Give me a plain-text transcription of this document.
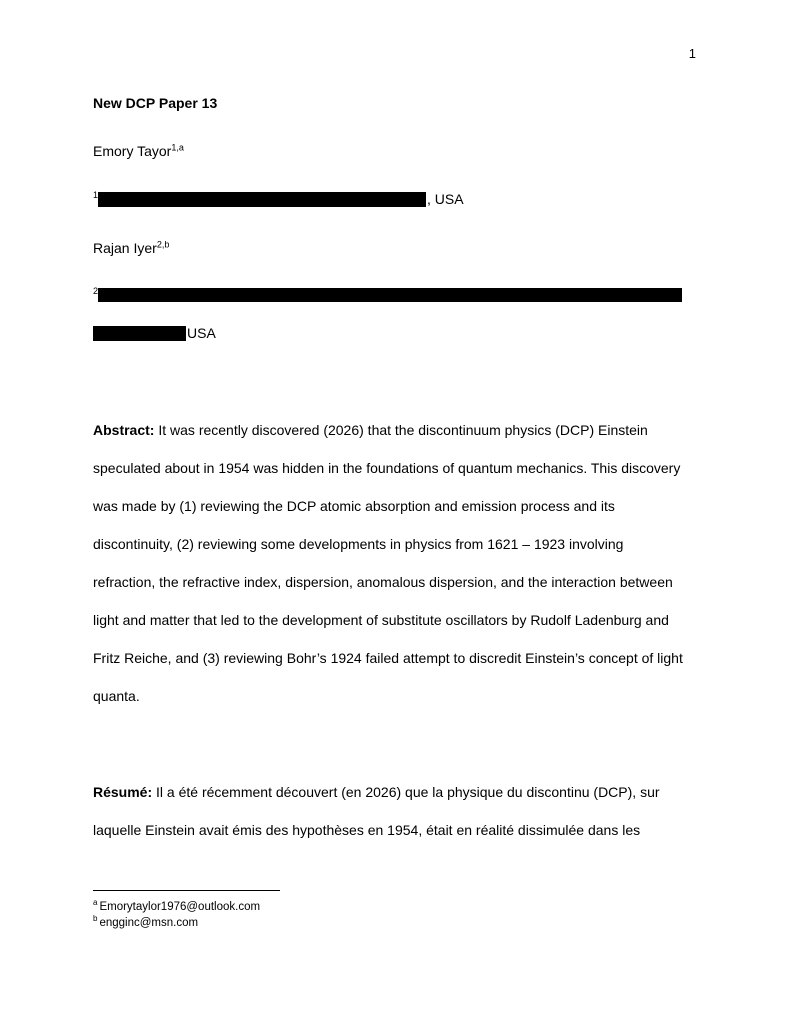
1
New DCP Paper 13
Emory Tayor$^{1,a}$
1	, USA
Rajan Iyer$^{2,b}$
2
USA
Abstract: It was recently discovered (2026) that the discontinuum physics (DCP) Einstein
speculated about in 1954 was hidden in the foundations of quantum mechanics. This discovery
was made by (1) reviewing the DCP atomic absorption and emission process and its
discontinuity, (2) reviewing some developments in physics from 1621 – 1923 involving
refraction, the refractive index, dispersion, anomalous dispersion, and the interaction between
light and matter that led to the development of substitute oscillators by Rudolf Ladenburg and
Fritz Reiche, and (3) reviewing Bohr’s 1924 failed attempt to discredit Einstein’s concept of light
quanta.
Résumé: Il a été récemment découvert (en 2026) que la physique du discontinu (DCP), sur
laquelle Einstein avait émis des hypothèses en 1954, était en réalité dissimulée dans les
$^a$ Emorytaylor1976@outlook.com
$^b$ engginc@msn.com
